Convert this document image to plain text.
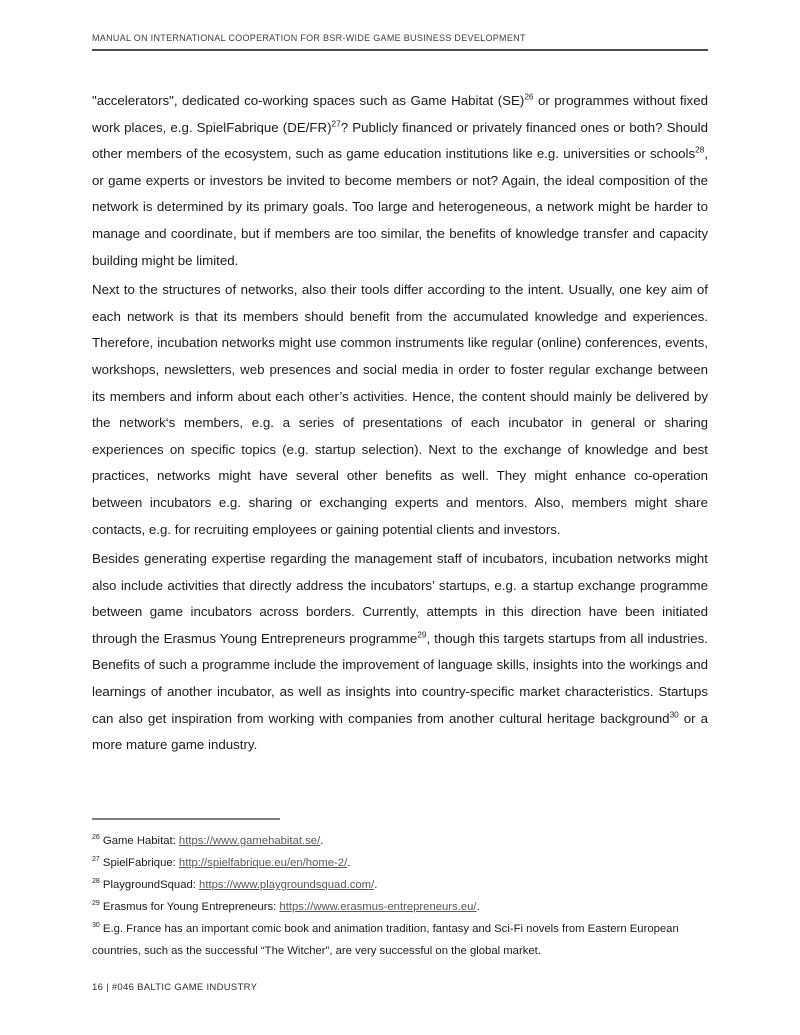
MANUAL ON INTERNATIONAL COOPERATION FOR BSR-WIDE GAME BUSINESS DEVELOPMENT

"accelerators", dedicated co-working spaces such as Game Habitat (SE)$^{26}$ or programmes without fixed work places, e.g. SpielFabrique $(DE/FR)^{27}$? Publicly financed or privately financed ones or both? Should other members of the ecosystem, such as game education institutions like e.g. universities or schools$^{28}$, or game experts or investors be invited to become members or not? Again, the ideal composition of the network is determined by its primary goals. Too large and heterogeneous, a network might be harder to manage and coordinate, but if members are too similar, the benefits of knowledge transfer and capacity building might be limited.

Next to the structures of networks, also their tools differ according to the intent. Usually, one key aim of each network is that its members should benefit from the accumulated knowledge and experiences. Therefore, incubation networks might use common instruments like regular (online) conferences, events, workshops, newsletters, web presences and social media in order to foster regular exchange between its members and inform about each other’s activities. Hence, the content should mainly be delivered by the network‘s members, e.g. a series of presentations of each incubator in general or sharing experiences on specific topics (e.g. startup selection). Next to the exchange of knowledge and best practices, networks might have several other benefits as well. They might enhance co-operation between incubators e.g. sharing or exchanging experts and mentors. Also, members might share contacts, e.g. for recruiting employees or gaining potential clients and investors.

Besides generating expertise regarding the management staff of incubators, incubation networks might also include activities that directly address the incubators’ startups, e.g. a startup exchange programme between game incubators across borders. Currently, attempts in this direction have been initiated through the Erasmus Young Entrepreneurs programme$^{29}$, though this targets startups from all industries. Benefits of such a programme include the improvement of language skills, insights into the workings and learnings of another incubator, as well as insights into country-specific market characteristics. Startups can also get inspiration from working with companies from another cultural heritage background$^{30}$ or a more mature game industry.

$^{26}$ Game Habitat: https://www.gamehabitat.se/.
$^{27}$ SpielFabrique: http://spielfabrique.eu/en/home-2/.
$^{28}$ PlaygroundSquad: https://www.playgroundsquad.com/.
$^{29}$ Erasmus for Young Entrepreneurs: https://www.erasmus-entrepreneurs.eu/.
$^{30}$ E.g. France has an important comic book and animation tradition, fantasy and Sci-Fi novels from Eastern European countries, such as the successful “The Witcher”, are very successful on the global market.
16 | #046 BALTIC GAME INDUSTRY
